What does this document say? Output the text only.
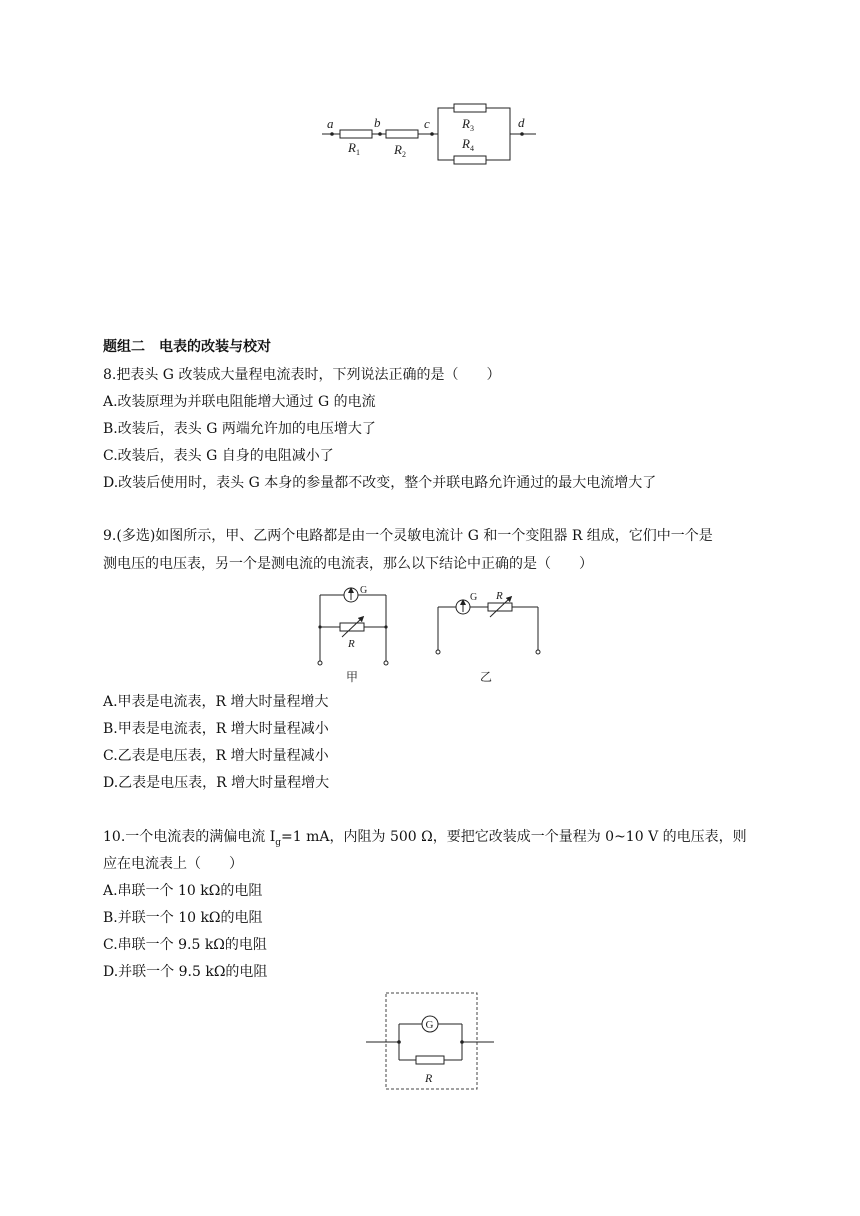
a	b	c	d
$R_1$	$R_2$
$R_3$
$R_4$
题组二　电表的改装与校对
8.把表头 G 改装成大量程电流表时，下列说法正确的是（　　）
A.改装原理为并联电阻能增大通过 G 的电流
B.改装后，表头 G 两端允许加的电压增大了
C.改装后，表头 G 自身的电阻减小了
D.改装后使用时，表头 G 本身的参量都不改变，整个并联电路允许通过的最大电流增大了
9.(多选)如图所示，甲、乙两个电路都是由一个灵敏电流计 G 和一个变阻器 R 组成，它们中一个是
测电压的电压表，另一个是测电流的电流表，那么以下结论中正确的是（　　）
G
R
甲
G R
乙
A.甲表是电流表，R 增大时量程增大
B.甲表是电流表，R 增大时量程减小
C.乙表是电压表，R 增大时量程减小
D.乙表是电压表，R 增大时量程增大
10.一个电流表的满偏电流 $I_g=1$ mA，内阻为 500 Ω，要把它改装成一个量程为 0~10 V 的电压表，则
应在电流表上（　　）
A.串联一个 10 kΩ的电阻
B.并联一个 10 kΩ的电阻
C.串联一个 9.5 kΩ的电阻
D.并联一个 9.5 kΩ的电阻
G
R
